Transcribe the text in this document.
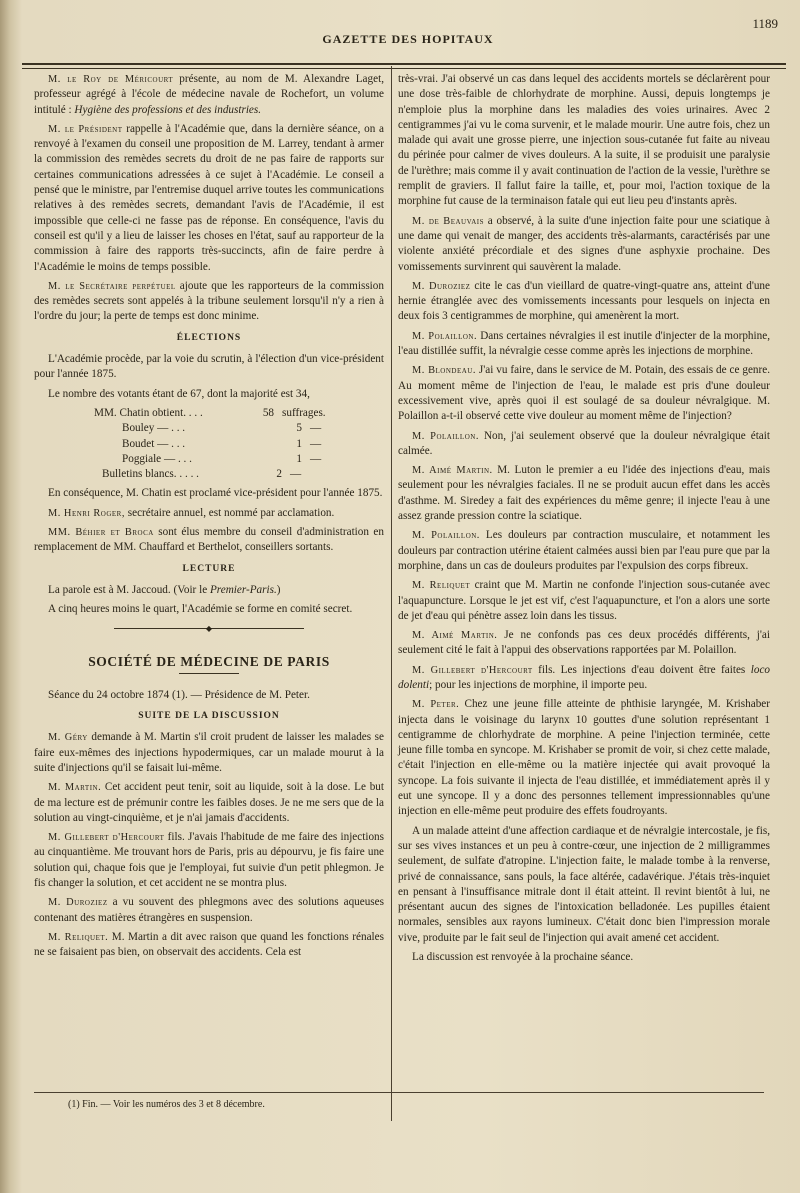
GAZETTE DES HOPITAUX
1189

M. le Roy de Méricourt présente, au nom de M. Alexandre Laget, professeur agrégé à l'école de médecine navale de Rochefort, un volume intitulé : Hygiène des professions et des industries.

M. le Président rappelle à l'Académie que, dans la dernière séance, on a renvoyé à l'examen du conseil une proposition de M. Larrey, tendant à armer la commission des remèdes secrets du droit de ne pas faire de rapports sur certaines communications adressées à ce sujet à l'Académie. Le conseil a pensé que le ministre, par l'entremise duquel arrive toutes les communications relatives à des remèdes secrets, demandant l'avis de l'Académie, il est impossible que celle-ci ne fasse pas de réponse. En conséquence, l'avis du conseil est qu'il y a lieu de laisser les choses en l'état, sauf au rapporteur de la commission à faire des rapports très-succincts, afin de faire perdre à l'Académie le moins de temps possible.

M. le Secrétaire perpétuel ajoute que les rapporteurs de la commission des remèdes secrets sont appelés à la tribune seulement lorsqu'il n'y a rien à l'ordre du jour; la perte de temps est donc minime.

ÉLECTIONS

L'Académie procède, par la voie du scrutin, à l'élection d'un vice-président pour l'année 1875.

Le nombre des votants étant de 67, dont la majorité est 34,

MM. Chatin obtient. . . .	58 suffrages.
Bouley — . . .	5 —
Boudet — . . .	1 —
Poggiale — . . .	1 —
Bulletins blancs. . . . .	2 —

En conséquence, M. Chatin est proclamé vice-président pour l'année 1875.

M. Henri Roger, secrétaire annuel, est nommé par acclamation.

MM. Béhier et Broca sont élus membre du conseil d'administration en remplacement de MM. Chauffard et Berthelot, conseillers sortants.

LECTURE

La parole est à M. Jaccoud. (Voir le Premier-Paris.)

A cinq heures moins le quart, l'Académie se forme en comité secret.

◆
SOCIÉTÉ DE MÉDECINE DE PARIS

Séance du 24 octobre 1874 (1). — Présidence de M. Peter.

SUITE DE LA DISCUSSION

M. Géry demande à M. Martin s'il croit prudent de laisser les malades se faire eux-mêmes des injections hypodermiques, car un malade mourut à la suite d'injections qu'il se faisait lui-même.

M. Martin. Cet accident peut tenir, soit au liquide, soit à la dose. Le but de ma lecture est de prémunir contre les faibles doses. Je ne me sers que de la solution au vingt-cinquième, et je n'ai jamais d'accidents.

M. Gillebert d'Hercourt fils. J'avais l'habitude de me faire des injections au cinquantième. Me trouvant hors de Paris, pris au dépourvu, je fis faire une solution qui, chaque fois que je l'employai, fut suivie d'un petit phlegmon. Je fis changer la solution, et cet accident ne se montra plus.

M. Duroziez a vu souvent des phlegmons avec des solutions aqueuses contenant des matières étrangères en suspension.

M. Reliquet. M. Martin a dit avec raison que quand les fonctions rénales ne se faisaient pas bien, on observait des accidents. Cela est

très-vrai. J'ai observé un cas dans lequel des accidents mortels se déclarèrent pour une dose très-faible de chlorhydrate de morphine. Aussi, depuis longtemps je n'emploie plus la morphine dans les maladies des voies urinaires. Avec 2 centigrammes j'ai vu le coma survenir, et le malade mourir. Une autre fois, chez un malade qui avait une grosse pierre, une injection sous-cutanée fut faite au niveau du périnée pour calmer de vives douleurs. A la suite, il se produisit une paralysie de l'urèthre; mais comme il y avait continuation de l'action de la vessie, l'urèthre se remplit de graviers. Il fallut faire la taille, et, pour moi, l'action toxique de la morphine fut cause de la terminaison fatale qui eut lieu peu d'instants après.

M. de Beauvais a observé, à la suite d'une injection faite pour une sciatique à une dame qui venait de manger, des accidents très-alarmants, caractérisés par une violente anxiété précordiale et des signes d'une asphyxie prochaine. Des vomissements survinrent qui sauvèrent la malade.

M. Duroziez cite le cas d'un vieillard de quatre-vingt-quatre ans, atteint d'une hernie étranglée avec des vomissements incessants pour lesquels on injecta en deux fois 3 centigrammes de morphine, qui amenèrent la mort.

M. Polaillon. Dans certaines névralgies il est inutile d'injecter de la morphine, l'eau distillée suffit, la névralgie cesse comme après les injections de morphine.

M. Blondeau. J'ai vu faire, dans le service de M. Potain, des essais de ce genre. Au moment même de l'injection de l'eau, le malade est pris d'une douleur excessivement vive, après quoi il est soulagé de sa douleur névralgique. M. Polaillon a-t-il observé cette vive douleur au moment même de l'injection?

M. Polaillon. Non, j'ai seulement observé que la douleur névralgique était calmée.

M. Aimé Martin. M. Luton le premier a eu l'idée des injections d'eau, mais seulement pour les névralgies faciales. Il ne se produit aucun effet dans les accès d'asthme. M. Siredey a fait des expériences du même genre; il injecte l'eau à une assez grande pression contre la sciatique.

M. Polaillon. Les douleurs par contraction musculaire, et notamment les douleurs par contraction utérine étaient calmées aussi bien par l'eau pure que par la morphine, dans un cas de douleurs produites par l'expulsion des corps fibreux.

M. Reliquet craint que M. Martin ne confonde l'injection sous-cutanée avec l'aquapuncture. Lorsque le jet est vif, c'est l'aquapuncture, et l'on a alors une sorte de jet d'eau qui pénètre assez loin dans les tissus.

M. Aimé Martin. Je ne confonds pas ces deux procédés différents, j'ai seulement cité le fait à l'appui des observations rapportées par M. Polaillon.

M. Gillebert d'Hercourt fils. Les injections d'eau doivent être faites loco dolenti; pour les injections de morphine, il importe peu.

M. Peter. Chez une jeune fille atteinte de phthisie laryngée, M. Krishaber injecta dans le voisinage du larynx 10 gouttes d'une solution représentant 1 centigramme de chlorhydrate de morphine. A peine l'injection terminée, cette jeune fille tomba en syncope. M. Krishaber se promit de voir, si chez cette malade, c'était l'injection en elle-même ou la matière injectée qui avait provoqué la syncope. La fois suivante il injecta de l'eau distillée, et immédiatement après il y eut une syncope. Il y a donc des personnes tellement impressionnables qu'une injection en elle-même peut produire des effets foudroyants.

A un malade atteint d'une affection cardiaque et de névralgie intercostale, je fis, sur ses vives instances et un peu à contre-cœur, une injection de 2 milligrammes seulement, de sulfate d'atropine. L'injection faite, le malade tombe à la renverse, privé de connaissance, sans pouls, la face altérée, cadavérique. J'étais très-inquiet en pensant à l'insuffisance mitrale dont il était atteint. Il revint bientôt à lui, ne présentant aucun des signes de l'intoxication belladonée. Les pupilles étaient normales, sensibles aux rayons lumineux. C'était donc bien l'impression morale vive, produite par le fait seul de l'injection qui avait amené cet accident.

La discussion est renvoyée à la prochaine séance.

(1) Fin. — Voir les numéros des 3 et 8 décembre.
